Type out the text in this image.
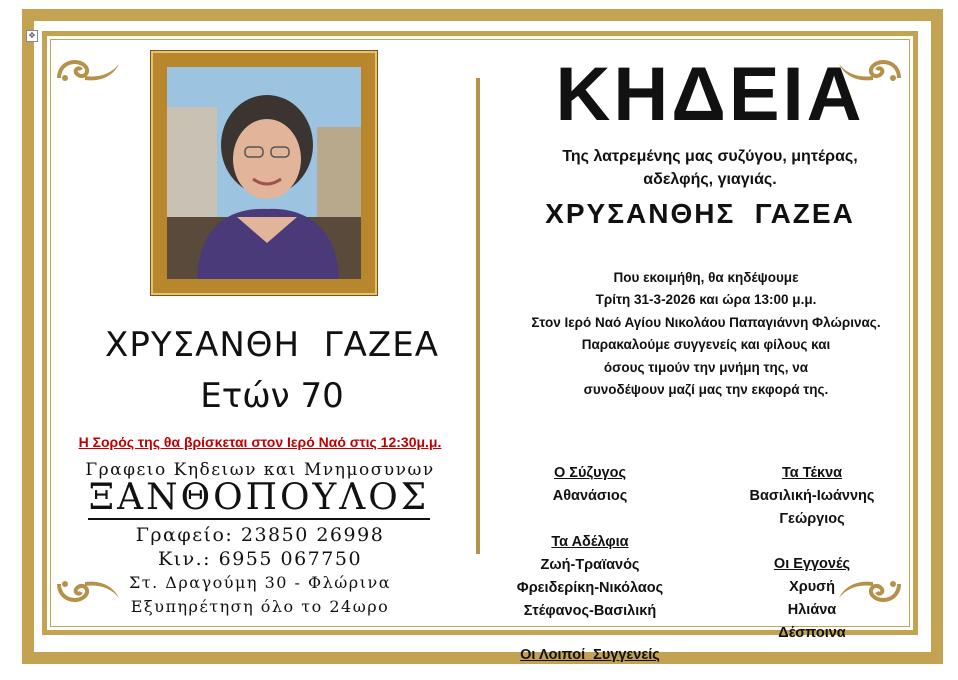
✥
ΧΡΥΣΑΝΘΗ  ΓΑΖΕΑ
Ετών 70
Η Σορός της θα βρίσκεται στον Ιερό Ναό στις 12:30μ.μ.
Γραφειο Κηδειων και Μνημοσυνων
ΞΑΝΘΟΠΟΥΛΟΣ
Γραφείο: 23850 26998
Κιν.: 6955 067750
Στ. Δραγούμη 30 - Φλώρινα
Εξυπηρέτηση όλο το 24ωρο
ΚΗΔΕΙΑ
Της λατρεμένης μας συζύγου, μητέρας,
αδελφής, γιαγιάς.
ΧΡΥΣΑΝΘΗΣ  ΓΑΖΕΑ
Που εκοιμήθη, θα κηδέψουμε
Τρίτη 31-3-2026 και ώρα 13:00 μ.μ.
Στον Ιερό Ναό Αγίου Νικολάου Παπαγιάννη Φλώρινας.
Παρακαλούμε συγγενείς και φίλους και
όσους τιμούν την μνήμη της, να
συνοδέψουν μαζί μας την εκφορά της.
Ο Σύζυγος
Αθανάσιος
Τα Τέκνα
Βασιλική-Ιωάννης
Γεώργιος
Τα Αδέλφια
Ζωή-Τραϊανός
Φρειδερίκη-Νικόλαος
Στέφανος-Βασιλική
Οι Εγγονές
Χρυσή
Ηλιάνα
Δέσποινα
Οι Λοιποί  Συγγενείς
